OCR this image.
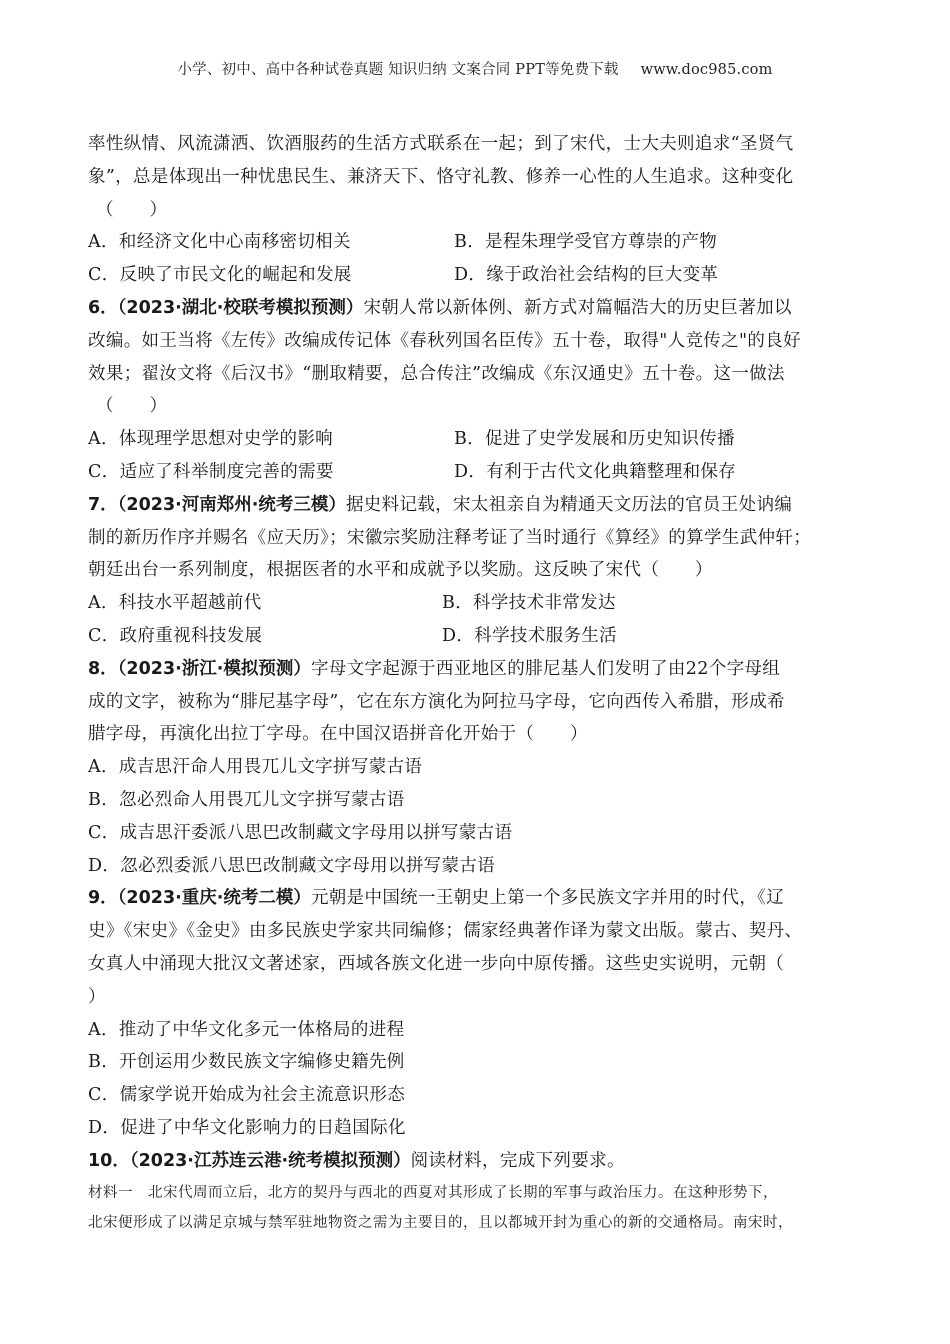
小学、初中、高中各种试卷真题 知识归纳 文案合同 PPT等免费下载 www.doc985.com
率性纵情、风流潇洒、饮酒服药的生活方式联系在一起；到了宋代，士大夫则追求“圣贤气
象”，总是体现出一种忧患民生、兼济天下、恪守礼教、修养一心性的人生追求。这种变化
（　　）
A．和经济文化中心南移密切相关	B．是程朱理学受官方尊崇的产物
C．反映了市民文化的崛起和发展	D．缘于政治社会结构的巨大变革
6．（2023·湖北·校联考模拟预测）宋朝人常以新体例、新方式对篇幅浩大的历史巨著加以
改编。如王当将《左传》改编成传记体《春秋列国名臣传》五十卷，取得"人竞传之"的良好
效果；翟汝文将《后汉书》“删取精要，总合传注”改编成《东汉通史》五十卷。这一做法
（　　）
A．体现理学思想对史学的影响	B．促进了史学发展和历史知识传播
C．适应了科举制度完善的需要	D．有利于古代文化典籍整理和保存
7．（2023·河南郑州·统考三模）据史料记载，宋太祖亲自为精通天文历法的官员王处讷编
制的新历作序并赐名《应天历》；宋徽宗奖励注释考证了当时通行《算经》的算学生武仲轩；
朝廷出台一系列制度，根据医者的水平和成就予以奖励。这反映了宋代（　　）
A．科技水平超越前代	B．科学技术非常发达
C．政府重视科技发展	D．科学技术服务生活
8．（2023·浙江·模拟预测）字母文字起源于西亚地区的腓尼基人们发明了由22个字母组
成的文字，被称为“腓尼基字母”，它在东方演化为阿拉马字母，它向西传入希腊，形成希
腊字母，再演化出拉丁字母。在中国汉语拼音化开始于（　　）
A．成吉思汗命人用畏兀儿文字拼写蒙古语
B．忽必烈命人用畏兀儿文字拼写蒙古语
C．成吉思汗委派八思巴改制藏文字母用以拼写蒙古语
D．忽必烈委派八思巴改制藏文字母用以拼写蒙古语
9．（2023·重庆·统考二模）元朝是中国统一王朝史上第一个多民族文字并用的时代，《辽
史》《宋史》《金史》由多民族史学家共同编修；儒家经典著作译为蒙文出版。蒙古、契丹、
女真人中涌现大批汉文著述家，西域各族文化进一步向中原传播。这些史实说明，元朝（
）
A．推动了中华文化多元一体格局的进程
B．开创运用少数民族文字编修史籍先例
C．儒家学说开始成为社会主流意识形态
D．促进了中华文化影响力的日趋国际化
10．（2023·江苏连云港·统考模拟预测）阅读材料，完成下列要求。
材料一　北宋代周而立后，北方的契丹与西北的西夏对其形成了长期的军事与政治压力。在这种形势下，
北宋便形成了以满足京城与禁军驻地物资之需为主要目的，且以都城开封为重心的新的交通格局。南宋时，
